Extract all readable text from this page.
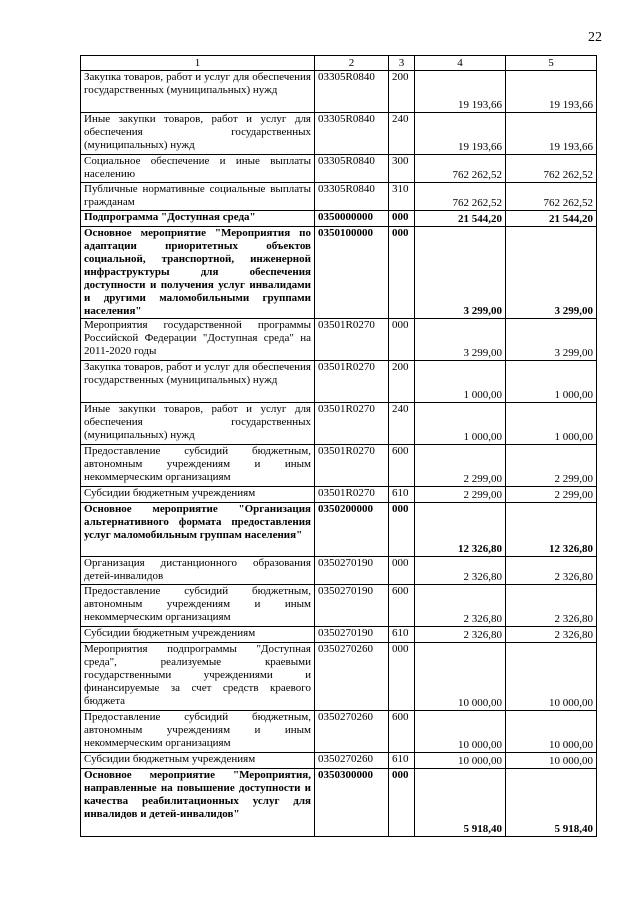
22
1	2	3	4	5
Закупка товаров, работ и услуг для обеспечения государственных (муниципальных) нужд	03305R0840	200	19 193,66	19 193,66
Иные закупки товаров, работ и услуг для обеспечения государственных (муниципальных) нужд	03305R0840	240	19 193,66	19 193,66
Социальное обеспечение и иные выплаты населению	03305R0840	300	762 262,52	762 262,52
Публичные нормативные социальные выплаты гражданам	03305R0840	310	762 262,52	762 262,52
Подпрограмма "Доступная среда"	0350000000	000	21 544,20	21 544,20
Основное мероприятие "Мероприятия по адаптации приоритетных объектов социальной, транспортной, инженерной инфраструктуры для обеспечения доступности и получения услуг инвалидами и другими маломобильными группами населения"	0350100000	000	3 299,00	3 299,00
Мероприятия государственной программы Российской Федерации "Доступная среда" на 2011-2020 годы	03501R0270	000	3 299,00	3 299,00
Закупка товаров, работ и услуг для обеспечения государственных (муниципальных) нужд	03501R0270	200	1 000,00	1 000,00
Иные закупки товаров, работ и услуг для обеспечения государственных (муниципальных) нужд	03501R0270	240	1 000,00	1 000,00
Предоставление субсидий бюджетным, автономным учреждениям и иным некоммерческим организациям	03501R0270	600	2 299,00	2 299,00
Субсидии бюджетным учреждениям	03501R0270	610	2 299,00	2 299,00
Основное мероприятие "Организация альтернативного формата предоставления услуг маломобильным группам населения"	0350200000	000	12 326,80	12 326,80
Организация дистанционного образования детей-инвалидов	0350270190	000	2 326,80	2 326,80
Предоставление субсидий бюджетным, автономным учреждениям и иным некоммерческим организациям	0350270190	600	2 326,80	2 326,80
Субсидии бюджетным учреждениям	0350270190	610	2 326,80	2 326,80
Мероприятия подпрограммы "Доступная среда", реализуемые краевыми государственными учреждениями и финансируемые за счет средств краевого бюджета	0350270260	000	10 000,00	10 000,00
Предоставление субсидий бюджетным, автономным учреждениям и иным некоммерческим организациям	0350270260	600	10 000,00	10 000,00
Субсидии бюджетным учреждениям	0350270260	610	10 000,00	10 000,00
Основное мероприятие "Мероприятия, направленные на повышение доступности и качества реабилитационных услуг для инвалидов и детей-инвалидов"	0350300000	000	5 918,40	5 918,40
